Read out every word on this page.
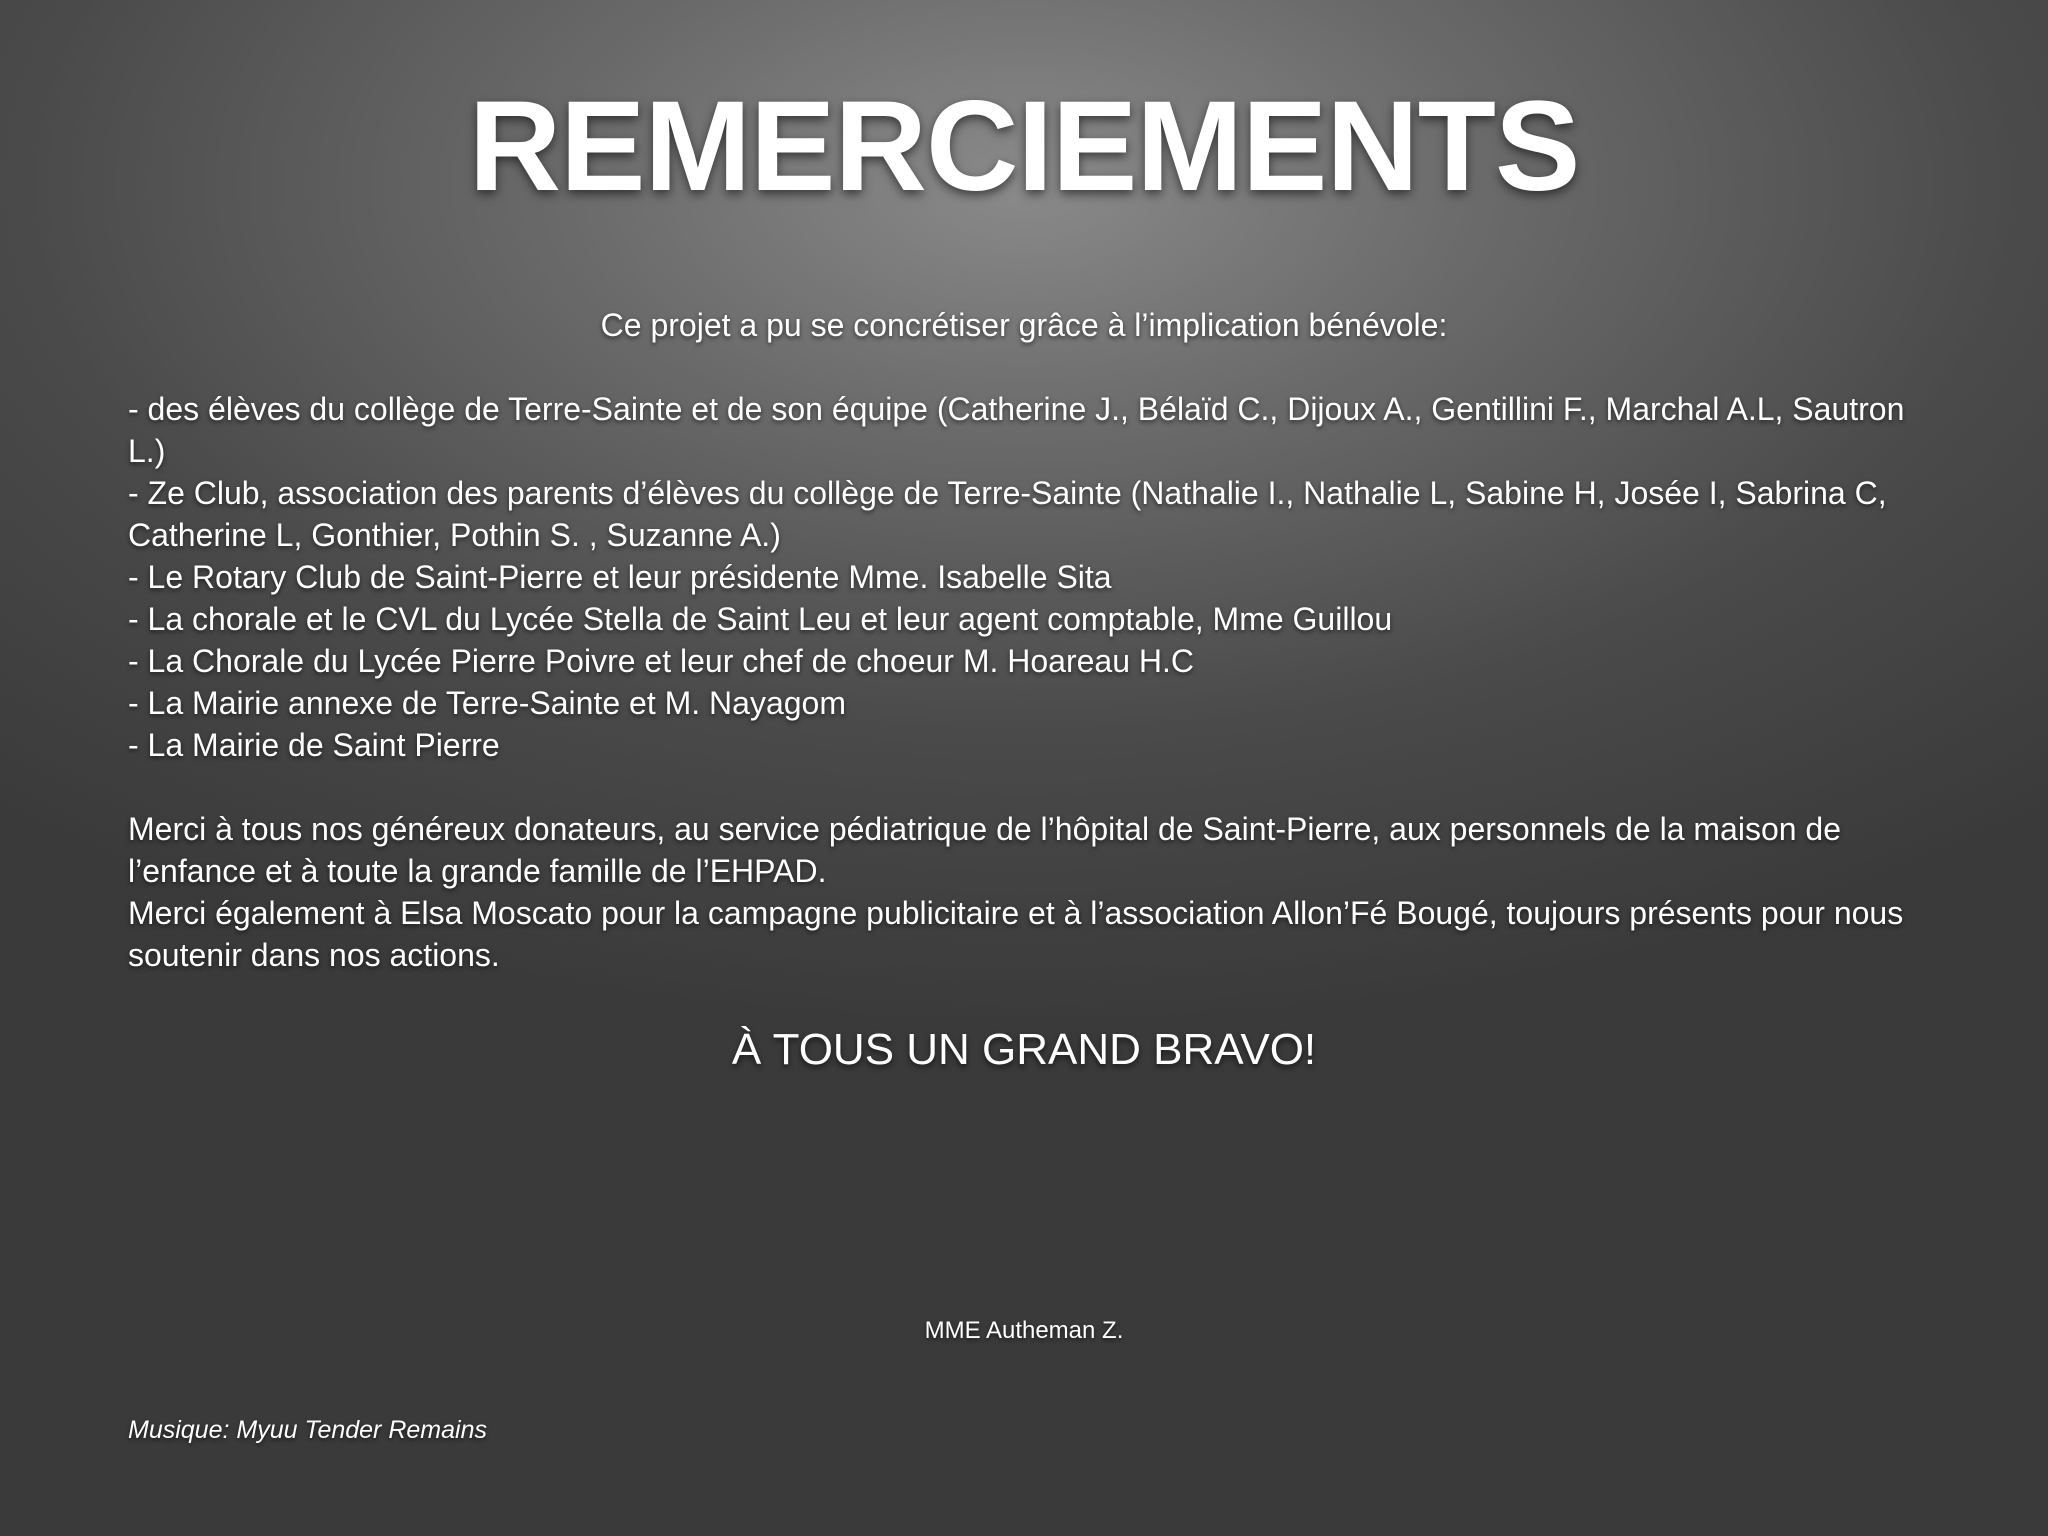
REMERCIEMENTS
Ce projet a pu se concrétiser grâce à l’implication bénévole:
- des élèves du collège de Terre-Sainte et de son équipe (Catherine J., Bélaïd C., Dijoux A., Gentillini F., Marchal A.L, Sautron L.)
- Ze Club, association des parents d’élèves du collège de Terre-Sainte (Nathalie I., Nathalie L, Sabine H, Josée I, Sabrina C, Catherine L, Gonthier, Pothin S. , Suzanne A.)
- Le Rotary Club de Saint-Pierre et leur présidente Mme. Isabelle Sita
- La chorale et le CVL du Lycée Stella de Saint Leu et leur agent comptable, Mme Guillou
- La Chorale du Lycée Pierre Poivre et leur chef de choeur M. Hoareau H.C
- La Mairie annexe de Terre-Sainte et M. Nayagom
- La Mairie de Saint Pierre

Merci à tous nos généreux donateurs, au service pédiatrique de l’hôpital de Saint-Pierre, aux personnels de la maison de l’enfance et à toute la grande famille de l’EHPAD.

Merci également à Elsa Moscato pour la campagne publicitaire et à l’association Allon’Fé Bougé, toujours présents pour nous soutenir dans nos actions.

À TOUS UN GRAND BRAVO!
MME Autheman Z.
Musique: Myuu Tender Remains
